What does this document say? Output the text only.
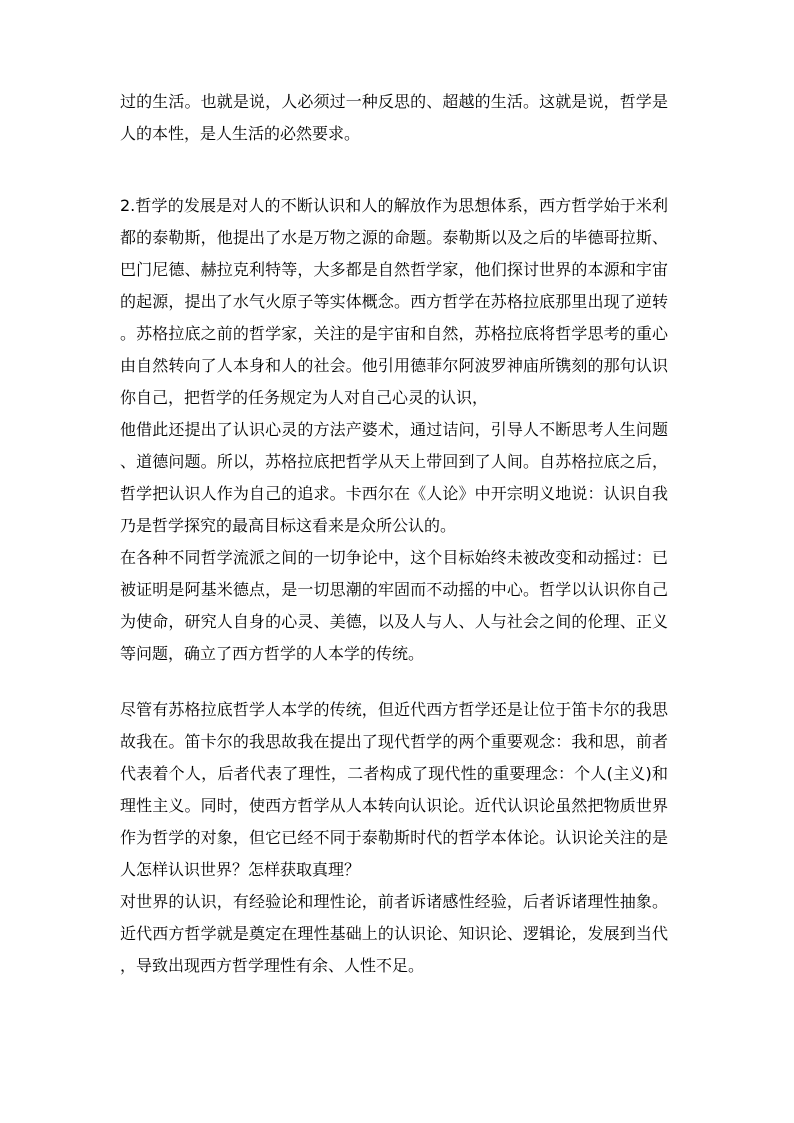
过的生活。也就是说，人必须过一种反思的、超越的生活。这就是说，哲学是
人的本性，是人生活的必然要求。
2.哲学的发展是对人的不断认识和人的解放作为思想体系，西方哲学始于米利
都的泰勒斯，他提出了水是万物之源的命题。泰勒斯以及之后的毕德哥拉斯、
巴门尼德、赫拉克利特等，大多都是自然哲学家，他们探讨世界的本源和宇宙
的起源，提出了水气火原子等实体概念。西方哲学在苏格拉底那里出现了逆转
。苏格拉底之前的哲学家，关注的是宇宙和自然，苏格拉底将哲学思考的重心
由自然转向了人本身和人的社会。他引用德菲尔阿波罗神庙所镌刻的那句认识
你自己，把哲学的任务规定为人对自己心灵的认识，
他借此还提出了认识心灵的方法产婆术，通过诘问，引导人不断思考人生问题
、道德问题。所以，苏格拉底把哲学从天上带回到了人间。自苏格拉底之后，
哲学把认识人作为自己的追求。卡西尔在《人论》中开宗明义地说：认识自我
乃是哲学探究的最高目标这看来是众所公认的。
在各种不同哲学流派之间的一切争论中，这个目标始终未被改变和动摇过：已
被证明是阿基米德点，是一切思潮的牢固而不动摇的中心。哲学以认识你自己
为使命，研究人自身的心灵、美德，以及人与人、人与社会之间的伦理、正义
等问题，确立了西方哲学的人本学的传统。
尽管有苏格拉底哲学人本学的传统，但近代西方哲学还是让位于笛卡尔的我思
故我在。笛卡尔的我思故我在提出了现代哲学的两个重要观念：我和思，前者
代表着个人，后者代表了理性，二者构成了现代性的重要理念：个人(主义)和
理性主义。同时，使西方哲学从人本转向认识论。近代认识论虽然把物质世界
作为哲学的对象，但它已经不同于泰勒斯时代的哲学本体论。认识论关注的是
人怎样认识世界？怎样获取真理？
对世界的认识，有经验论和理性论，前者诉诸感性经验，后者诉诸理性抽象。
近代西方哲学就是奠定在理性基础上的认识论、知识论、逻辑论，发展到当代
，导致出现西方哲学理性有余、人性不足。
